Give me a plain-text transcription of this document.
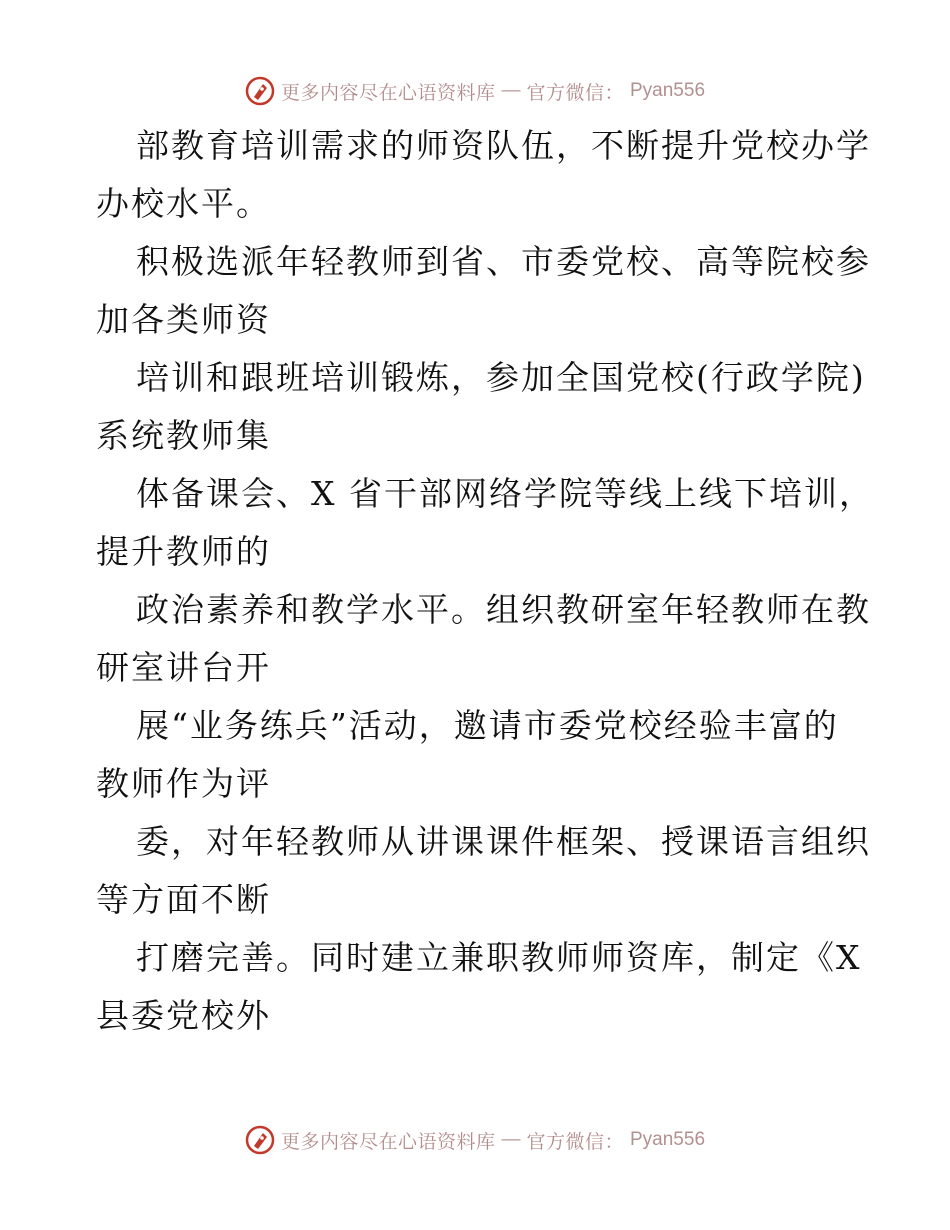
更多内容尽在心语资料库 — 官方微信： Pyan556
部教育培训需求的师资队伍，不断提升党校办学
办校水平。
积极选派年轻教师到省、市委党校、高等院校参
加各类师资
培训和跟班培训锻炼，参加全国党校(行政学院)
系统教师集
体备课会、X 省干部网络学院等线上线下培训，
提升教师的
政治素养和教学水平。组织教研室年轻教师在教
研室讲台开
展“业务练兵”活动，邀请市委党校经验丰富的
教师作为评
委，对年轻教师从讲课课件框架、授课语言组织
等方面不断
打磨完善。同时建立兼职教师师资库，制定《X
县委党校外
更多内容尽在心语资料库 — 官方微信： Pyan556
